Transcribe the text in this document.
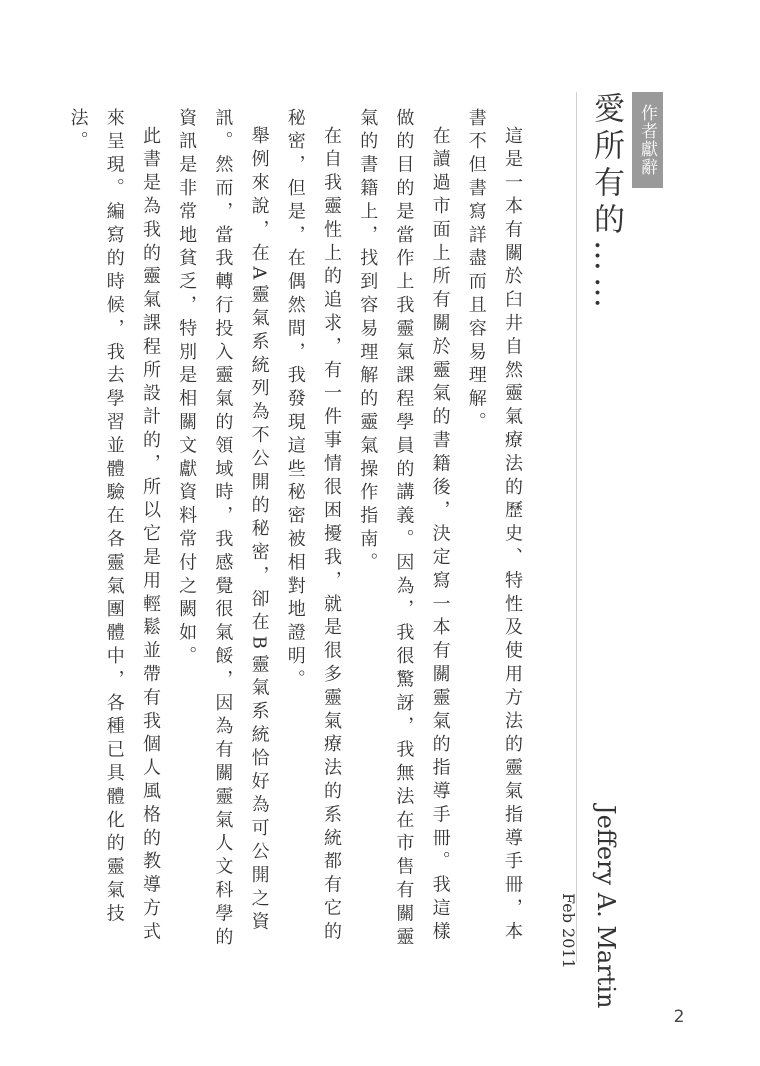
作者獻辭
愛所有的……
Jeffery A. Martin
Feb 2011

這是一本有關於臼井自然靈氣療法的歷史、特性及使用方法的靈氣指導手冊，本書不但書寫詳盡而且容易理解。

在讀過市面上所有關於靈氣的書籍後，決定寫一本有關靈氣的指導手冊。我這樣做的目的是當作上我靈氣課程學員的講義。因為，我很驚訝，我無法在市售有關靈氣的書籍上，找到容易理解的靈氣操作指南。

在自我靈性上的追求，有一件事情很困擾我，就是很多靈氣療法的系統都有它的秘密，但是，在偶然間，我發現這些秘密被相對地證明。

舉例來說，在A靈氣系統列為不公開的秘密，卻在B靈氣系統恰好為可公開之資訊。然而，當我轉行投入靈氣的領域時，我感覺很氣餒，因為有關靈氣人文科學的資訊是非常地貧乏，特別是相關文獻資料常付之闕如。

此書是為我的靈氣課程所設計的，所以它是用輕鬆並帶有我個人風格的教導方式來呈現。編寫的時候，我去學習並體驗在各靈氣團體中，各種已具體化的靈氣技法。

2
